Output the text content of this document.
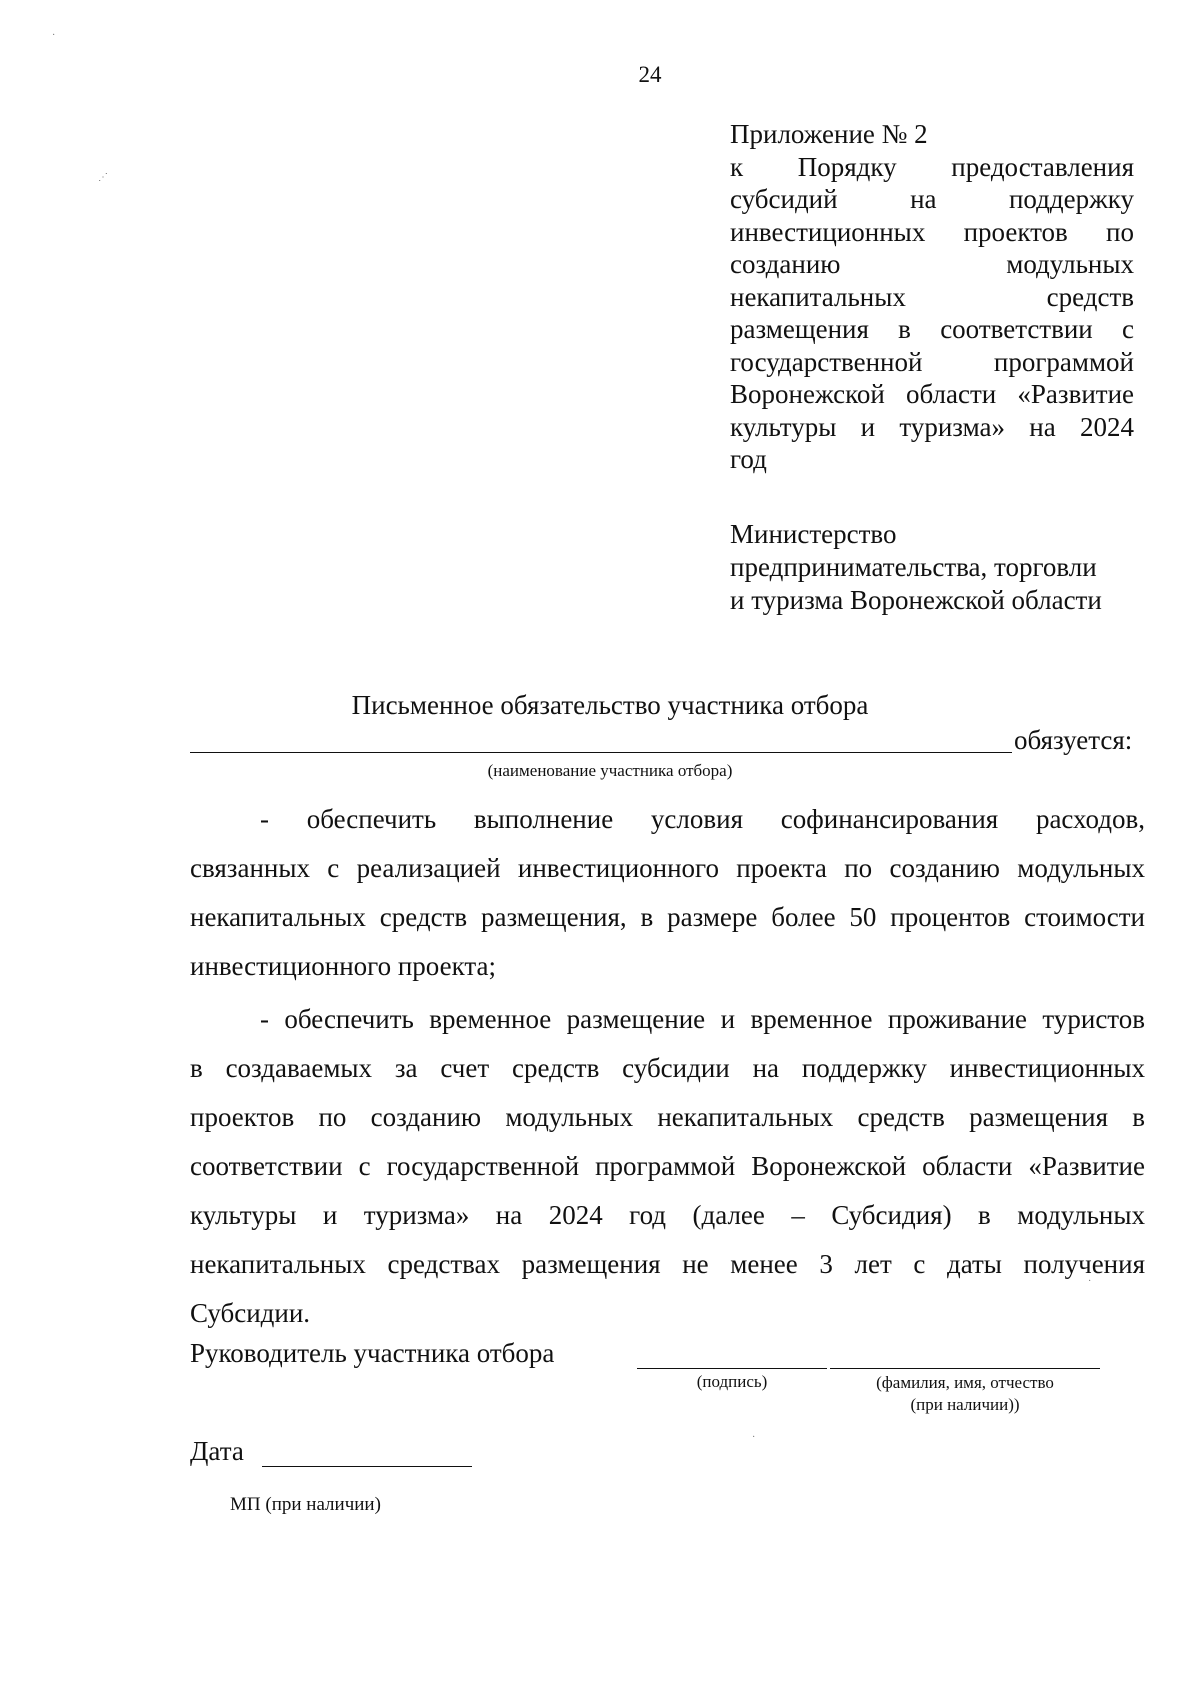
24
Приложение № 2
к Порядку предоставления
субсидий на поддержку
инвестиционных проектов по
созданию модульных
некапитальных средств
размещения в соответствии с
государственной программой
Воронежской области «Развитие
культуры и туризма» на 2024
год
Министерство
предпринимательства, торговли
и туризма Воронежской области
Письменное обязательство участника отбора
обязуется:
(наименование участника отбора)
- обеспечить выполнение условия софинансирования расходов,
связанных с реализацией инвестиционного проекта по созданию модульных
некапитальных средств размещения, в размере более 50 процентов стоимости
инвестиционного проекта;
- обеспечить временное размещение и временное проживание туристов
в создаваемых за счет средств субсидии на поддержку инвестиционных
проектов по созданию модульных некапитальных средств размещения в
соответствии с государственной программой Воронежской области «Развитие
культуры и туризма» на 2024 год (далее – Субсидия) в модульных
некапитальных средствах размещения не менее 3 лет с даты получения
Субсидии.
Руководитель участника отбора
(подпись)	(фамилия, имя, отчество
(при наличии))
Дата
МП (при наличии)
·
⋰
·
·
